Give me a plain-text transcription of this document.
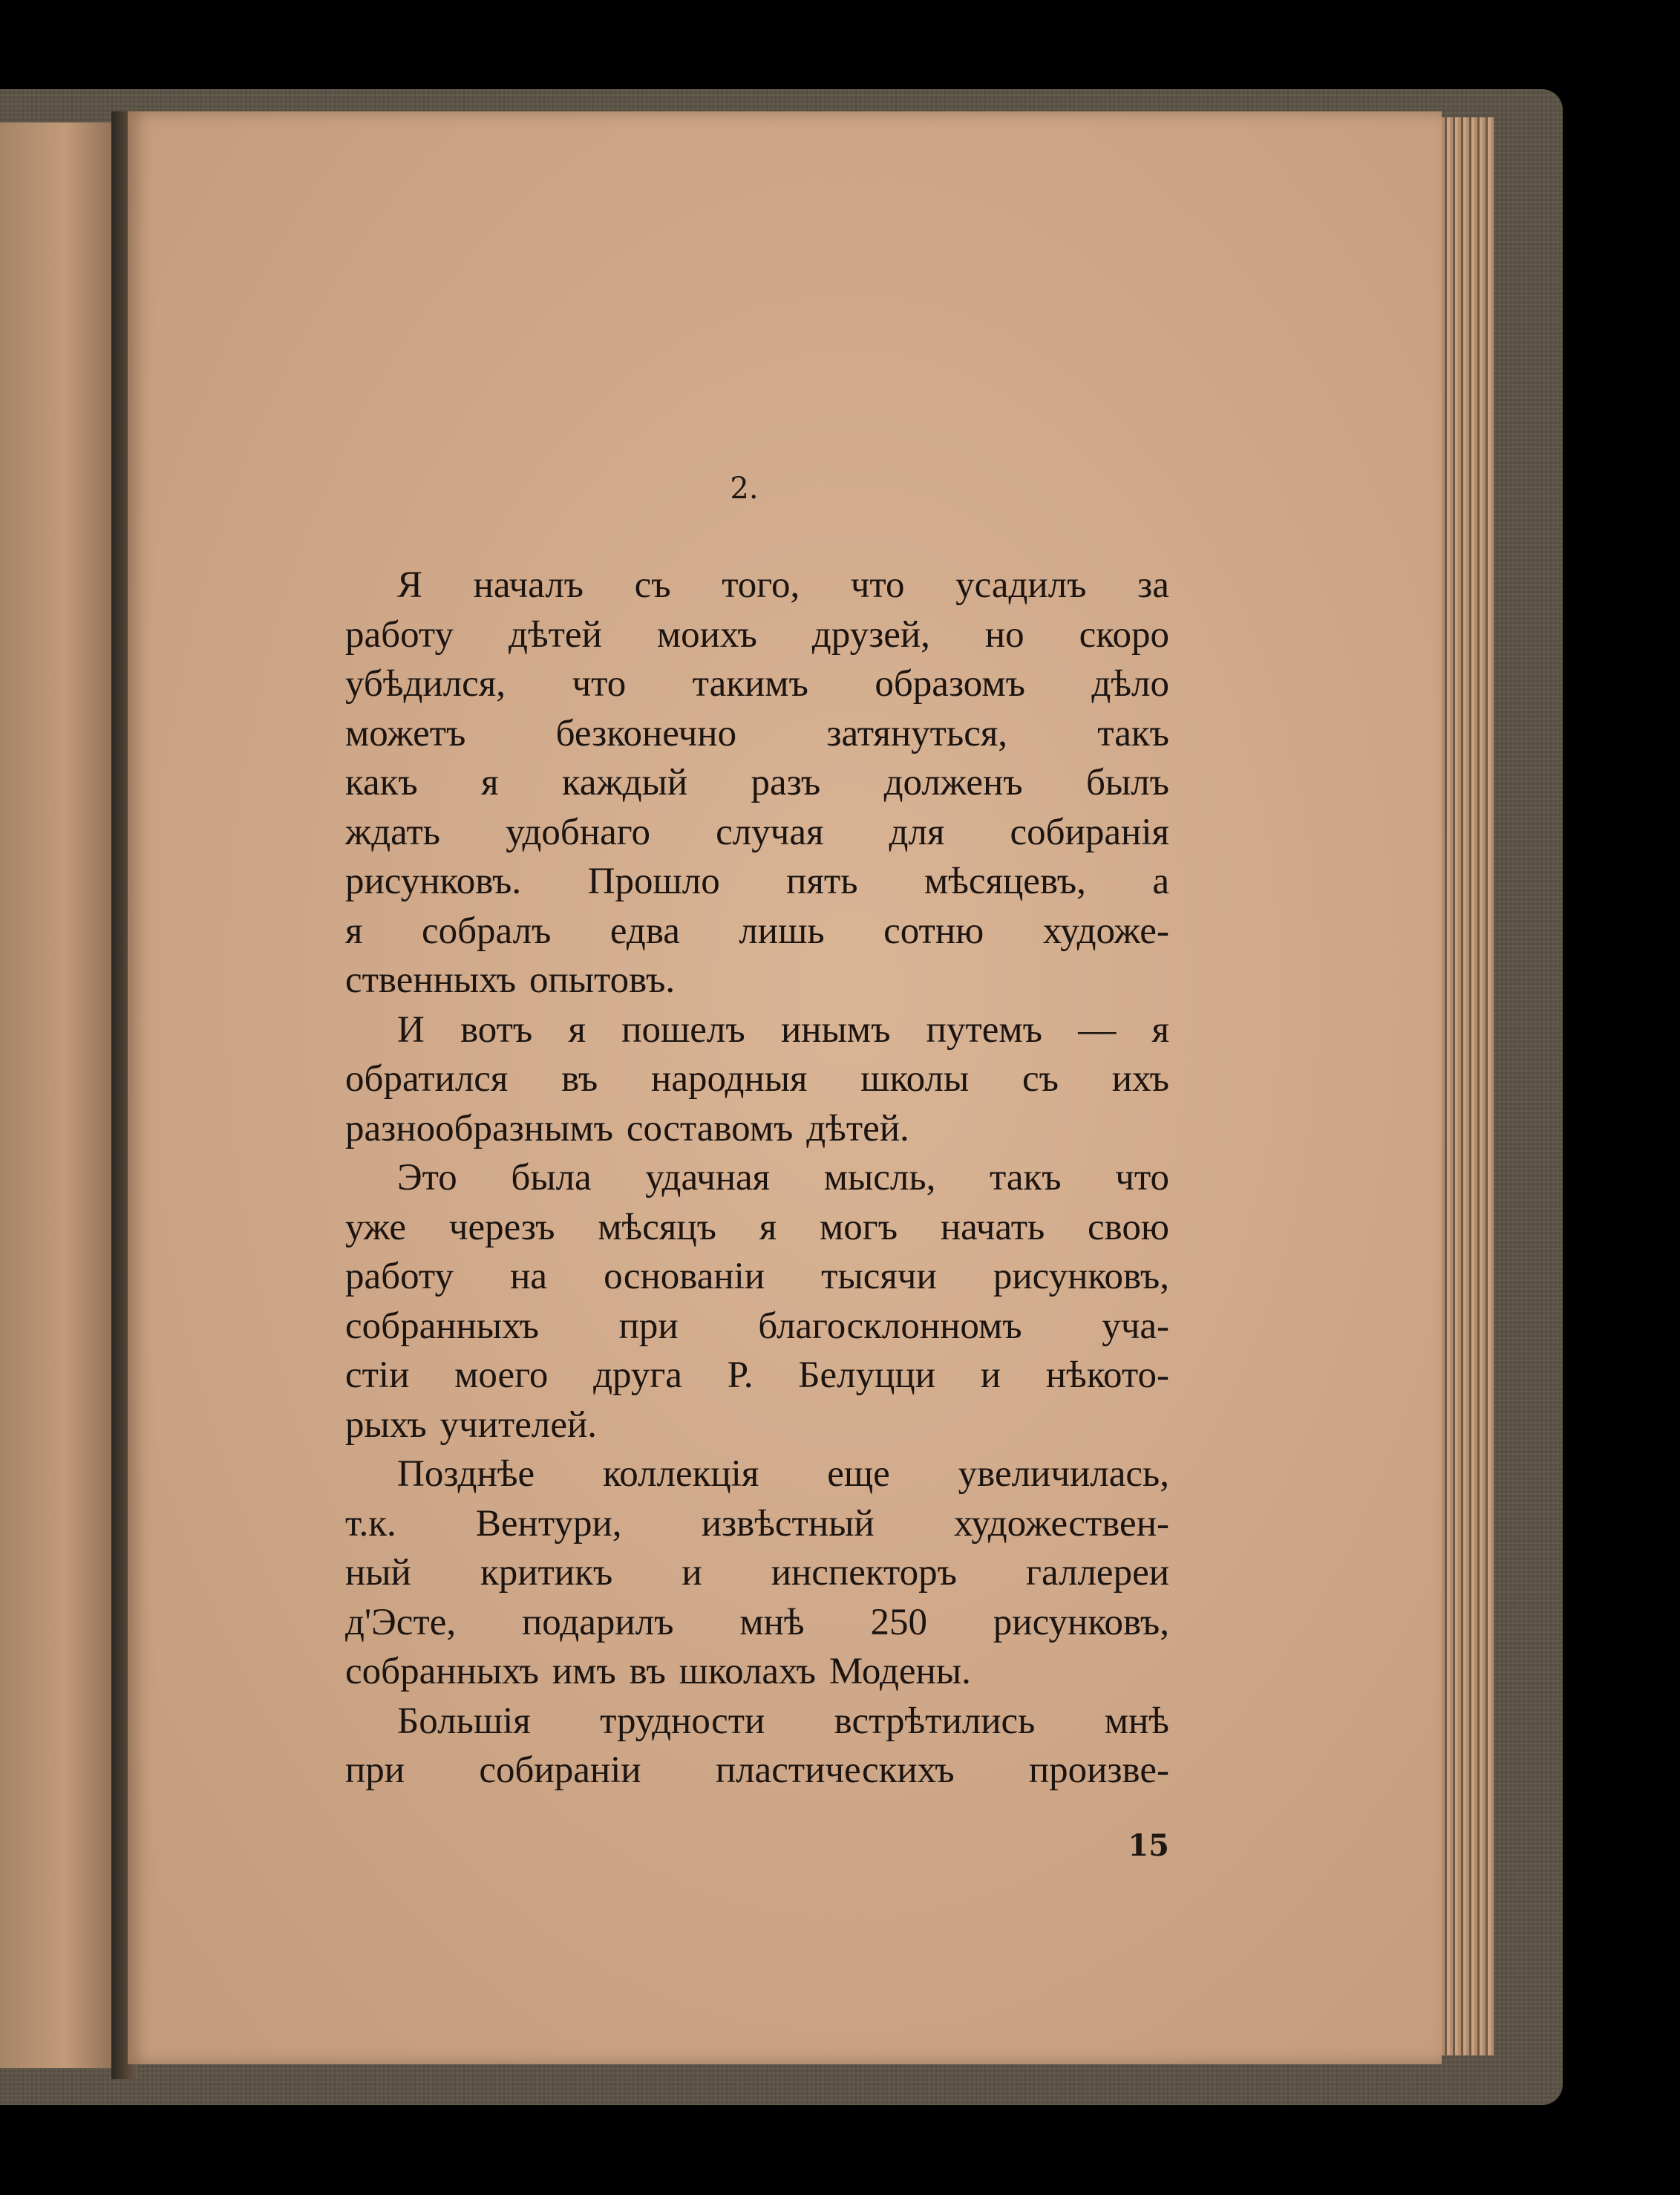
2.
Я началъ съ того, что усадилъ за
работу дѣтей моихъ друзей, но скоро
убѣдился, что такимъ образомъ дѣло
можетъ безконечно затянуться, такъ
какъ я каждый разъ долженъ былъ
ждать удобнаго случая для собиранія
рисунковъ. Прошло пять мѣсяцевъ, а
я собралъ едва лишь сотню художе-
ственныхъ опытовъ.
И вотъ я пошелъ инымъ путемъ — я
обратился въ народныя школы съ ихъ
разнообразнымъ составомъ дѣтей.
Это была удачная мысль, такъ что
уже черезъ мѣсяцъ я могъ начать свою
работу на основаніи тысячи рисунковъ,
собранныхъ при благосклонномъ уча-
стіи моего друга Р. Белуцци и нѣкото-
рыхъ учителей.
Позднѣе коллекція еще увеличилась,
т.к. Вентури, извѣстный художествен-
ный критикъ и инспекторъ галлереи
д'Эсте, подарилъ мнѣ 250 рисунковъ,
собранныхъ имъ въ школахъ Модены.
Большія трудности встрѣтились мнѣ
при собираніи пластическихъ произве-
15
